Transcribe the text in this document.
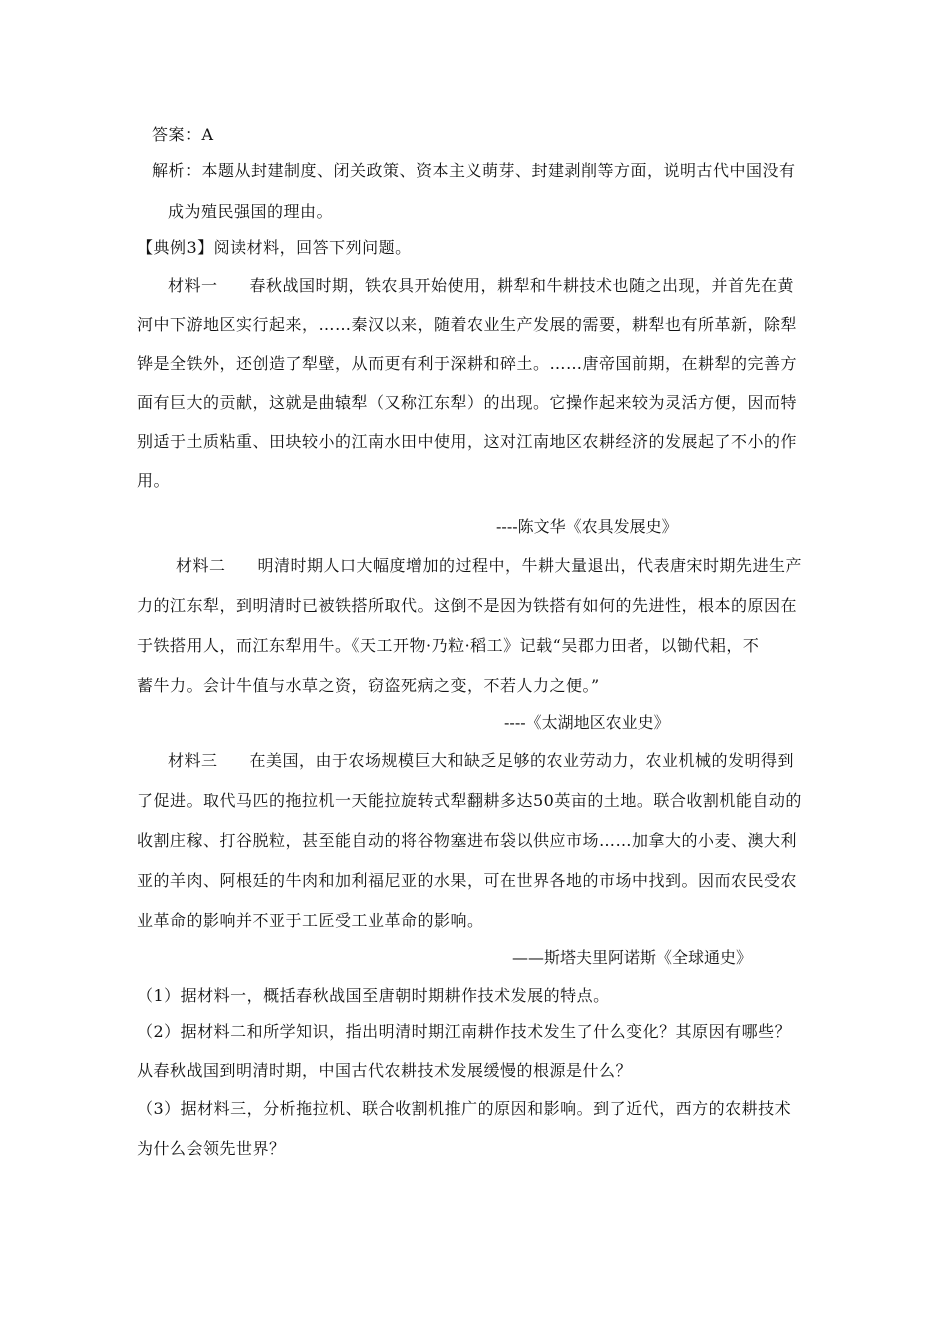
答案：A
解析：本题从封建制度、闭关政策、资本主义萌芽、封建剥削等方面，说明古代中国没有
成为殖民强国的理由。
【典例3】阅读材料，回答下列问题。
材料一 春秋战国时期，铁农具开始使用，耕犁和牛耕技术也随之出现，并首先在黄
河中下游地区实行起来，……秦汉以来，随着农业生产发展的需要，耕犁也有所革新，除犁
铧是全铁外，还创造了犁壁，从而更有利于深耕和碎土。……唐帝国前期，在耕犁的完善方
面有巨大的贡献，这就是曲辕犁（又称江东犁）的出现。它操作起来较为灵活方便，因而特
别适于土质粘重、田块较小的江南水田中使用，这对江南地区农耕经济的发展起了不小的作
用。
----陈文华《农具发展史》
材料二 明清时期人口大幅度增加的过程中，牛耕大量退出，代表唐宋时期先进生产
力的江东犁，到明清时已被铁搭所取代。这倒不是因为铁搭有如何的先进性，根本的原因在
于铁搭用人，而江东犁用牛。《天工开物·乃粒·稻工》记载“吴郡力田者，以锄代耜，不
蓄牛力。会计牛值与水草之资，窃盗死病之变，不若人力之便。”
----《太湖地区农业史》
材料三 在美国，由于农场规模巨大和缺乏足够的农业劳动力，农业机械的发明得到
了促进。取代马匹的拖拉机一天能拉旋转式犁翻耕多达50英亩的土地。联合收割机能自动的
收割庄稼、打谷脱粒，甚至能自动的将谷物塞进布袋以供应市场……加拿大的小麦、澳大利
亚的羊肉、阿根廷的牛肉和加利福尼亚的水果，可在世界各地的市场中找到。因而农民受农
业革命的影响并不亚于工匠受工业革命的影响。
——斯塔夫里阿诺斯《全球通史》
（1）据材料一，概括春秋战国至唐朝时期耕作技术发展的特点。
（2）据材料二和所学知识，指出明清时期江南耕作技术发生了什么变化？其原因有哪些？
从春秋战国到明清时期，中国古代农耕技术发展缓慢的根源是什么？
（3）据材料三，分析拖拉机、联合收割机推广的原因和影响。到了近代，西方的农耕技术
为什么会领先世界？
